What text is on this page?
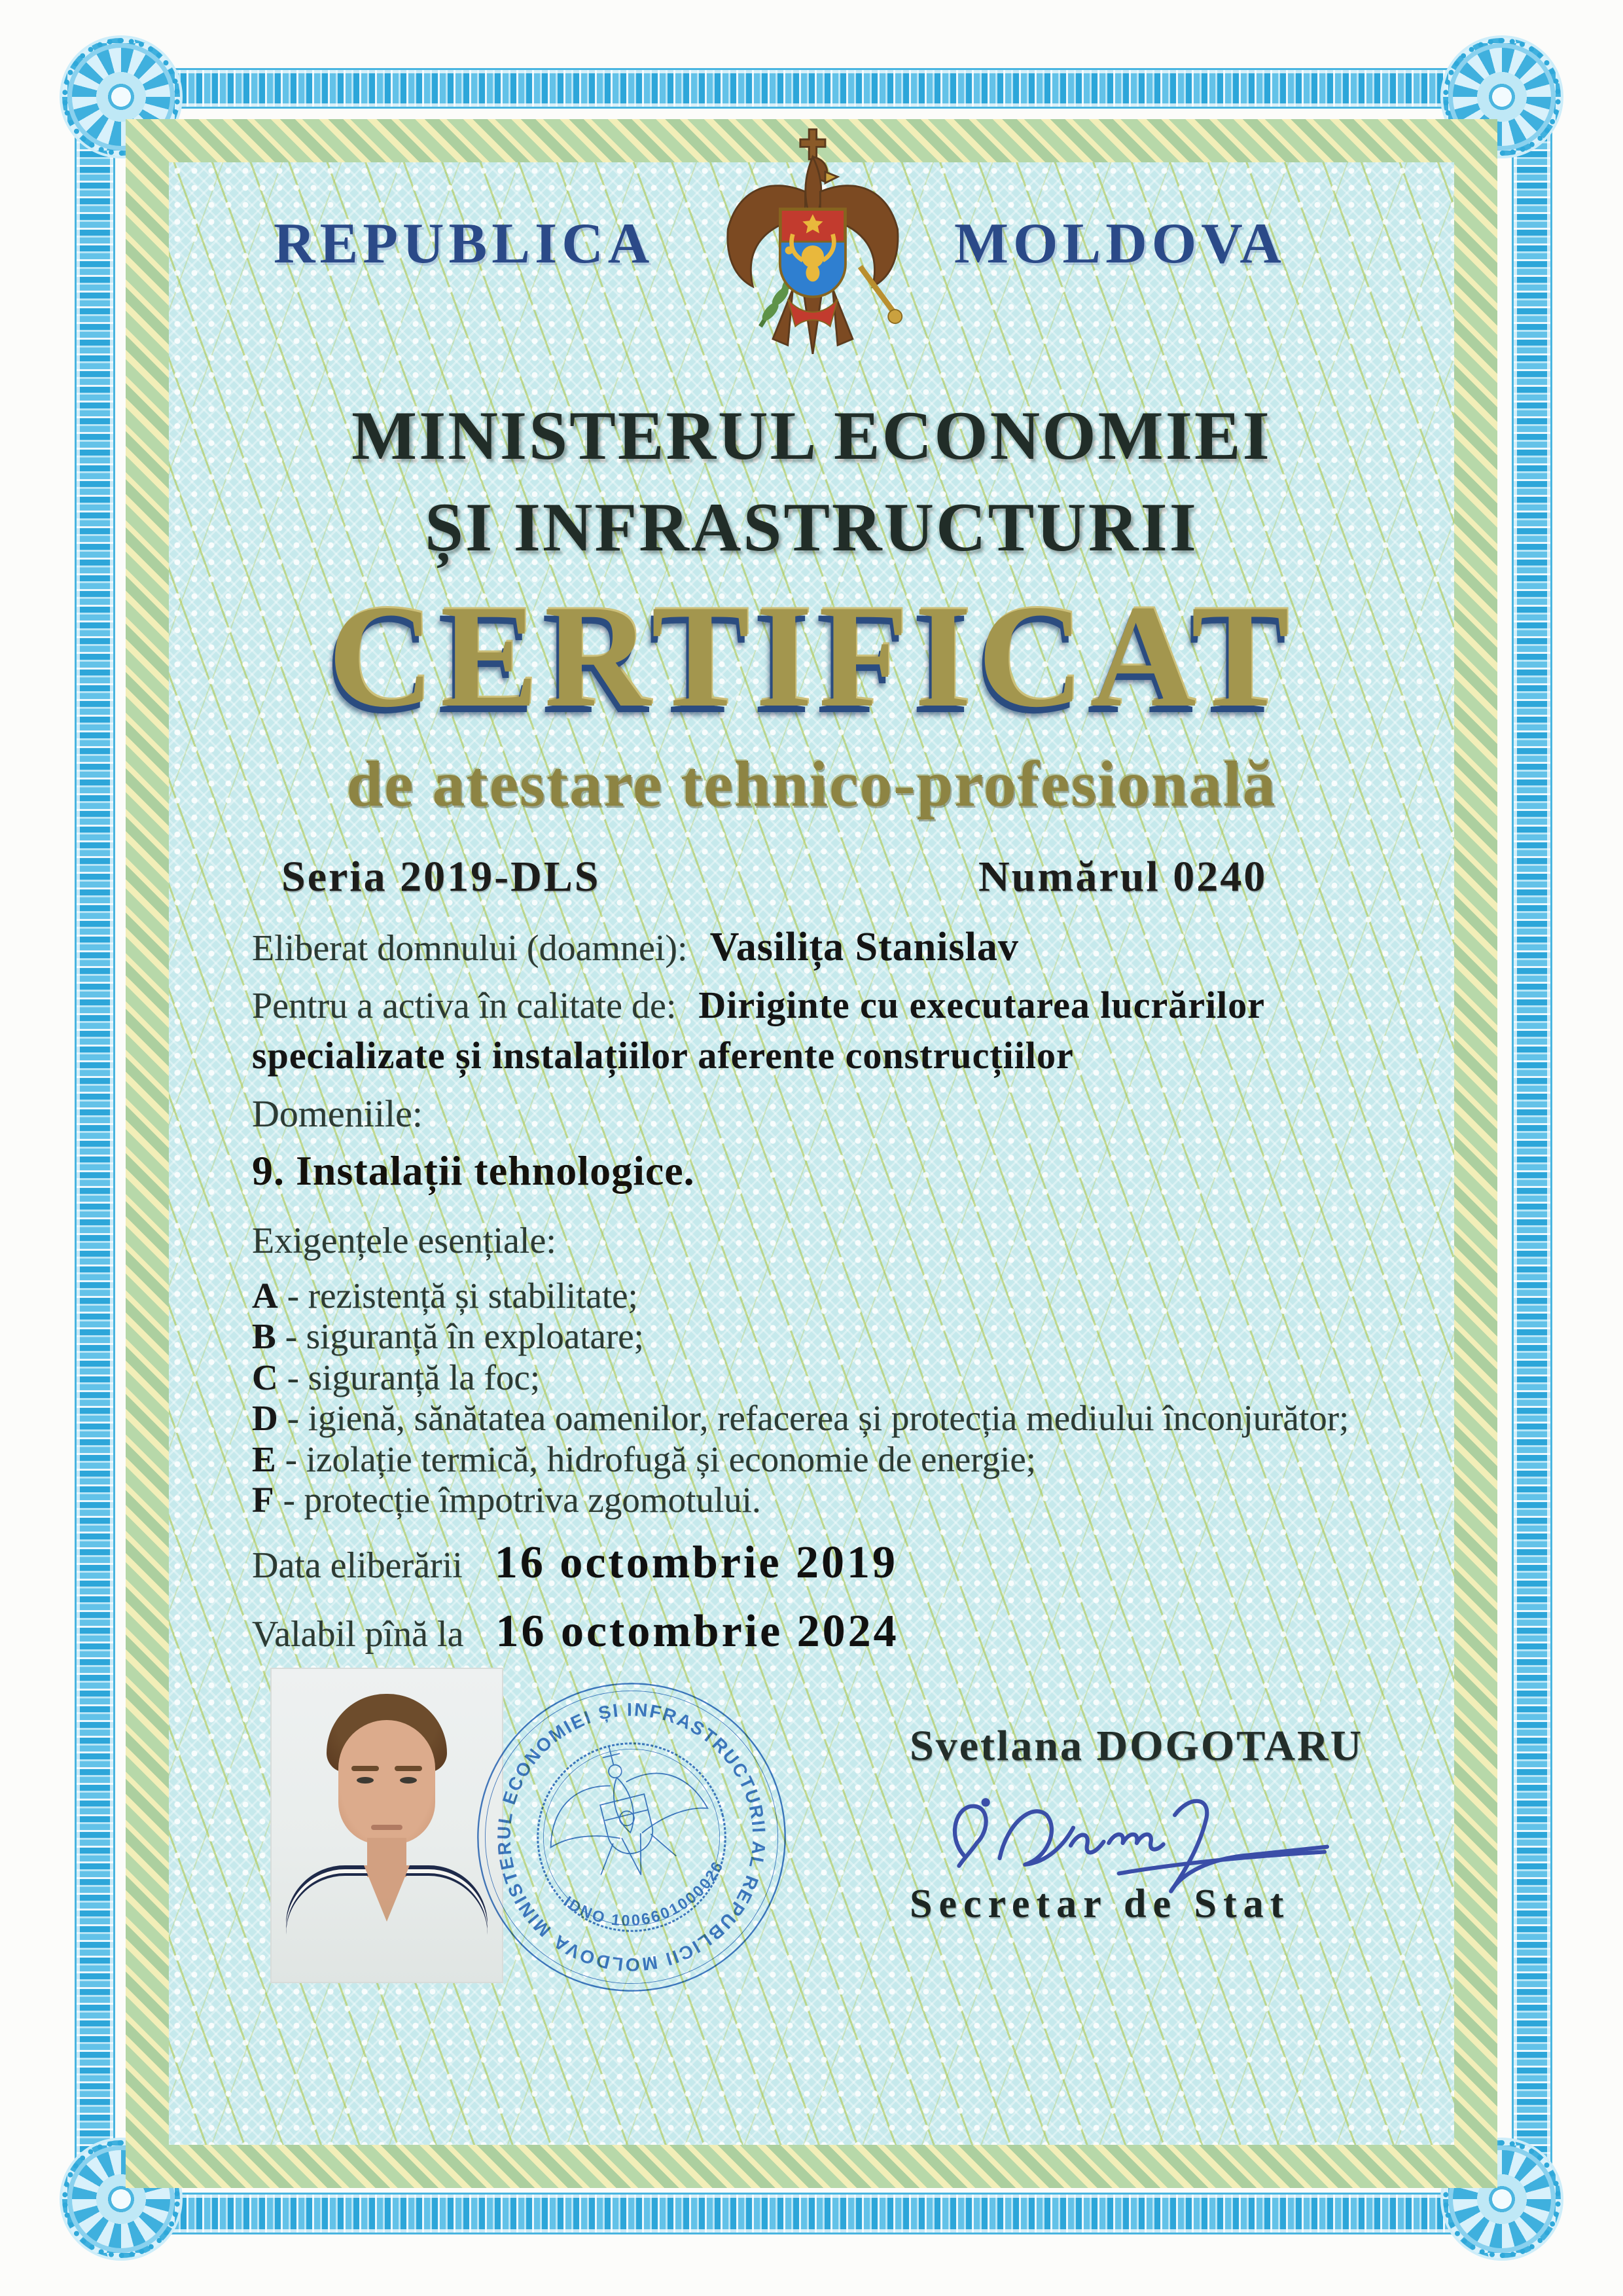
REPUBLICA	MOLDOVA
MINISTERUL ECONOMIEI
ȘI INFRASTRUCTURII
CERTIFICAT
de atestare tehnico-profesională
Seria 2019-DLS	Numărul 0240
Eliberat domnului (doamnei): Vasilița Stanislav
Pentru a activa în calitate de: Diriginte cu executarea lucrărilor specializate și instalațiilor aferente construcțiilor
Domeniile:
9. Instalații tehnologice.
Exigențele esențiale:
A - rezistență și stabilitate;
B - siguranță în exploatare;
C - siguranță la foc;
D - igienă, sănătatea oamenilor, refacerea și protecția mediului înconjurător;
E - izolație termică, hidrofugă și economie de energie;
F - protecție împotriva zgomotului.
Data eliberării 16 octombrie 2019
Valabil pînă la 16 octombrie 2024
MINISTERUL ECONOMIEI ȘI INFRASTRUCTURII AL REPUBLICII MOLDOVA
IDNO 1006601000026
Svetlana DOGOTARU
Secretar de Stat
